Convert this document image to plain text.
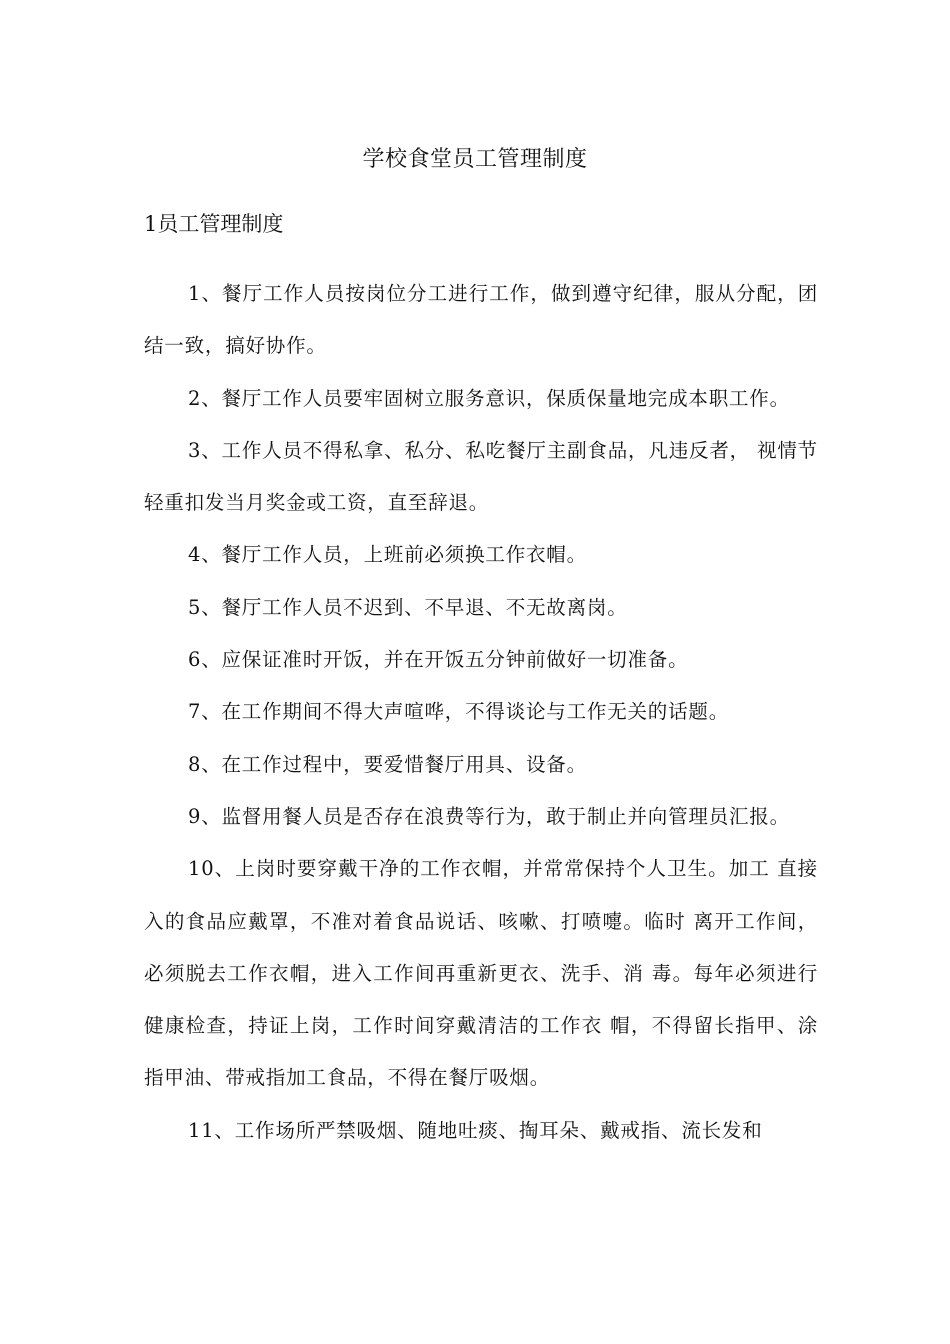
学校食堂员工管理制度
1员工管理制度

1、餐厅工作人员按岗位分工进行工作，做到遵守纪律，服从分配，团结一致，搞好协作。

2、餐厅工作人员要牢固树立服务意识，保质保量地完成本职工作。

3、工作人员不得私拿、私分、私吃餐厅主副食品，凡违反者， 视情节轻重扣发当月奖金或工资，直至辞退。

4、餐厅工作人员，上班前必须换工作衣帽。

5、餐厅工作人员不迟到、不早退、不无故离岗。

6、应保证准时开饭，并在开饭五分钟前做好一切准备。

7、在工作期间不得大声喧哗，不得谈论与工作无关的话题。

8、在工作过程中，要爱惜餐厅用具、设备。

9、监督用餐人员是否存在浪费等行为，敢于制止并向管理员汇报。

10、上岗时要穿戴干净的工作衣帽，并常常保持个人卫生。加工 直接入的食品应戴罩，不准对着食品说话、咳嗽、打喷嚏。临时 离开工作间，必须脱去工作衣帽，进入工作间再重新更衣、洗手、消 毒。每年必须进行健康检查，持证上岗，工作时间穿戴清洁的工作衣 帽，不得留长指甲、涂指甲油、带戒指加工食品，不得在餐厅吸烟。

11、工作场所严禁吸烟、随地吐痰、掏耳朵、戴戒指、流长发和
